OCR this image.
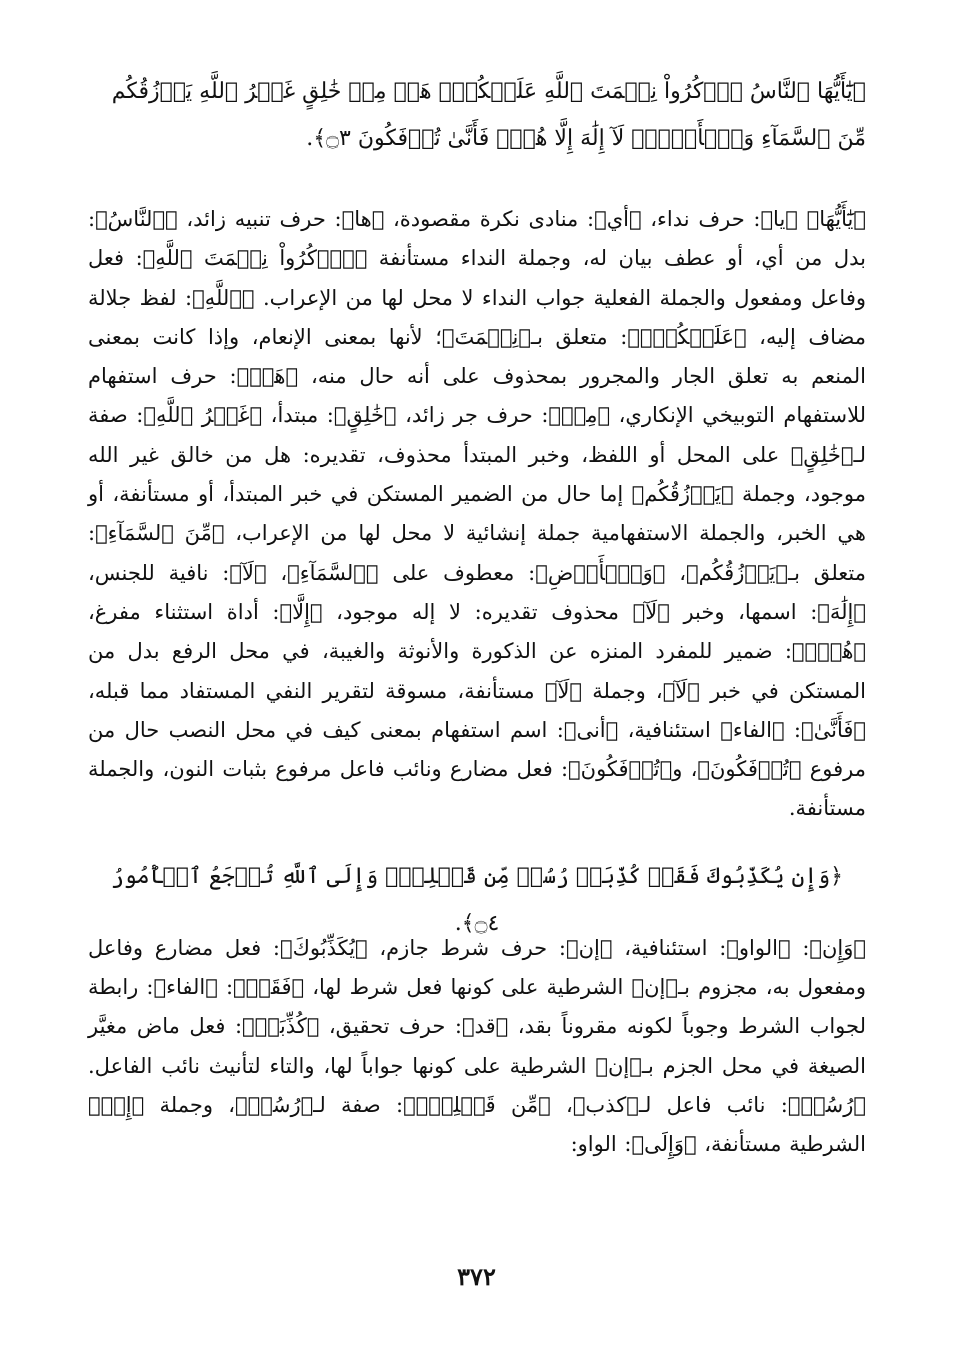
﴿يَٰٓأَيُّهَا ٱلنَّاسُ ٱذۡكُرُواْ نِعۡمَتَ ٱللَّهِ عَلَيۡكُمۡۚ هَلۡ مِنۡ خَٰلِقٍ غَيۡرُ ٱللَّهِ يَرۡزُقُكُم مِّنَ ٱلسَّمَآءِ وَٱلۡأَرۡضِۚ لَآ إِلَٰهَ إِلَّا هُوَۖ فَأَنَّىٰ تُؤۡفَكُونَ ۝٣﴾.

﴿يَٰٓأَيُّهَا﴾ ﴿يا﴾: حرف نداء، ﴿أي﴾: منادى نكرة مقصودة، ﴿ها﴾: حرف تنبيه زائد، ﴿ٱلنَّاسُ﴾: بدل من أي، أو عطف بيان له، وجملة النداء مستأنفة ﴿ٱذۡكُرُواْ نِعۡمَتَ ٱللَّهِ﴾: فعل وفاعل ومفعول والجملة الفعلية جواب النداء لا محل لها من الإعراب. ﴿ٱللَّهِ﴾: لفظ جلالة مضاف إليه، ﴿عَلَيۡكُمۡۚ﴾: متعلق بـ﴿نِعۡمَتَ﴾؛ لأنها بمعنى الإنعام، وإذا كانت بمعنى المنعم به تعلق الجار والمجرور بمحذوف على أنه حال منه، ﴿هَلۡ﴾: حرف استفهام للاستفهام التوبيخي الإنكاري، ﴿مِنۡ﴾: حرف جر زائد، ﴿خَٰلِقٍ﴾: مبتدأ، ﴿غَيۡرُ ٱللَّهِ﴾: صفة لـ﴿خَٰلِقٍ﴾ على المحل أو اللفظ، وخبر المبتدأ محذوف، تقديره: هل من خالق غير الله موجود، وجملة ﴿يَرۡزُقُكُم﴾ إما حال من الضمير المستكن في خبر المبتدأ، أو مستأنفة، أو هي الخبر، والجملة الاستفهامية جملة إنشائية لا محل لها من الإعراب، ﴿مِّنَ ٱلسَّمَآءِ﴾: متعلق بـ﴿يَرۡزُقُكُم﴾، ﴿وَٱلۡأَرۡضِ﴾: معطوف على ﴿ٱلسَّمَآءِ﴾، ﴿لَآ﴾: نافية للجنس، ﴿إِلَٰهَ﴾: اسمها، وخبر ﴿لَآ﴾ محذوف تقديره: لا إله موجود، ﴿إِلَّا﴾: أداة استثناء مفرغ، ﴿هُوَۖ﴾: ضمير للمفرد المنزه عن الذكورة والأنوثة والغيبة، في محل الرفع بدل من المستكن في خبر ﴿لَآ﴾، وجملة ﴿لَآ﴾ مستأنفة، مسوقة لتقرير النفي المستفاد مما قبله، ﴿فَأَنَّىٰ﴾: ﴿الفاء﴾ استئنافية، ﴿أنى﴾: اسم استفهام بمعنى كيف في محل النصب حال من مرفوع ﴿تُؤۡفَكُونَ﴾، و﴿تُؤۡفَكُونَ﴾: فعل مضارع ونائب فاعل مرفوع بثبات النون، والجملة مستأنفة.

﴿وَإِن يُكَذِّبُوكَ فَقَدۡ كُذِّبَتۡ رُسُلٞ مِّن قَبۡلِكَۚ وَإِلَى ٱللَّهِ تُرۡجَعُ ٱلۡأُمُورُ ۝٤﴾.

﴿وَإِن﴾: ﴿الواو﴾: استئنافية، ﴿إن﴾: حرف شرط جازم، ﴿يُكَذِّبُوكَ﴾: فعل مضارع وفاعل ومفعول به، مجزوم بـ﴿إن﴾ الشرطية على كونها فعل شرط لها، ﴿فَقَدۡ﴾: ﴿الفاء﴾: رابطة لجواب الشرط وجوباً لكونه مقروناً بقد، ﴿قد﴾: حرف تحقيق، ﴿كُذِّبَتۡ﴾: فعل ماض مغيَّر الصيغة في محل الجزم بـ﴿إن﴾ الشرطية على كونها جواباً لها، والتاء لتأنيث نائب الفاعل. ﴿رُسُلٞ﴾: نائب فاعل لـ﴿كذب﴾، ﴿مِّن قَبۡلِكَۚ﴾: صفة لـ﴿رُسُلٞ﴾، وجملة ﴿إِنۡ﴾ الشرطية مستأنفة، ﴿وَإِلَى﴾: الواو:

٣٧٢
